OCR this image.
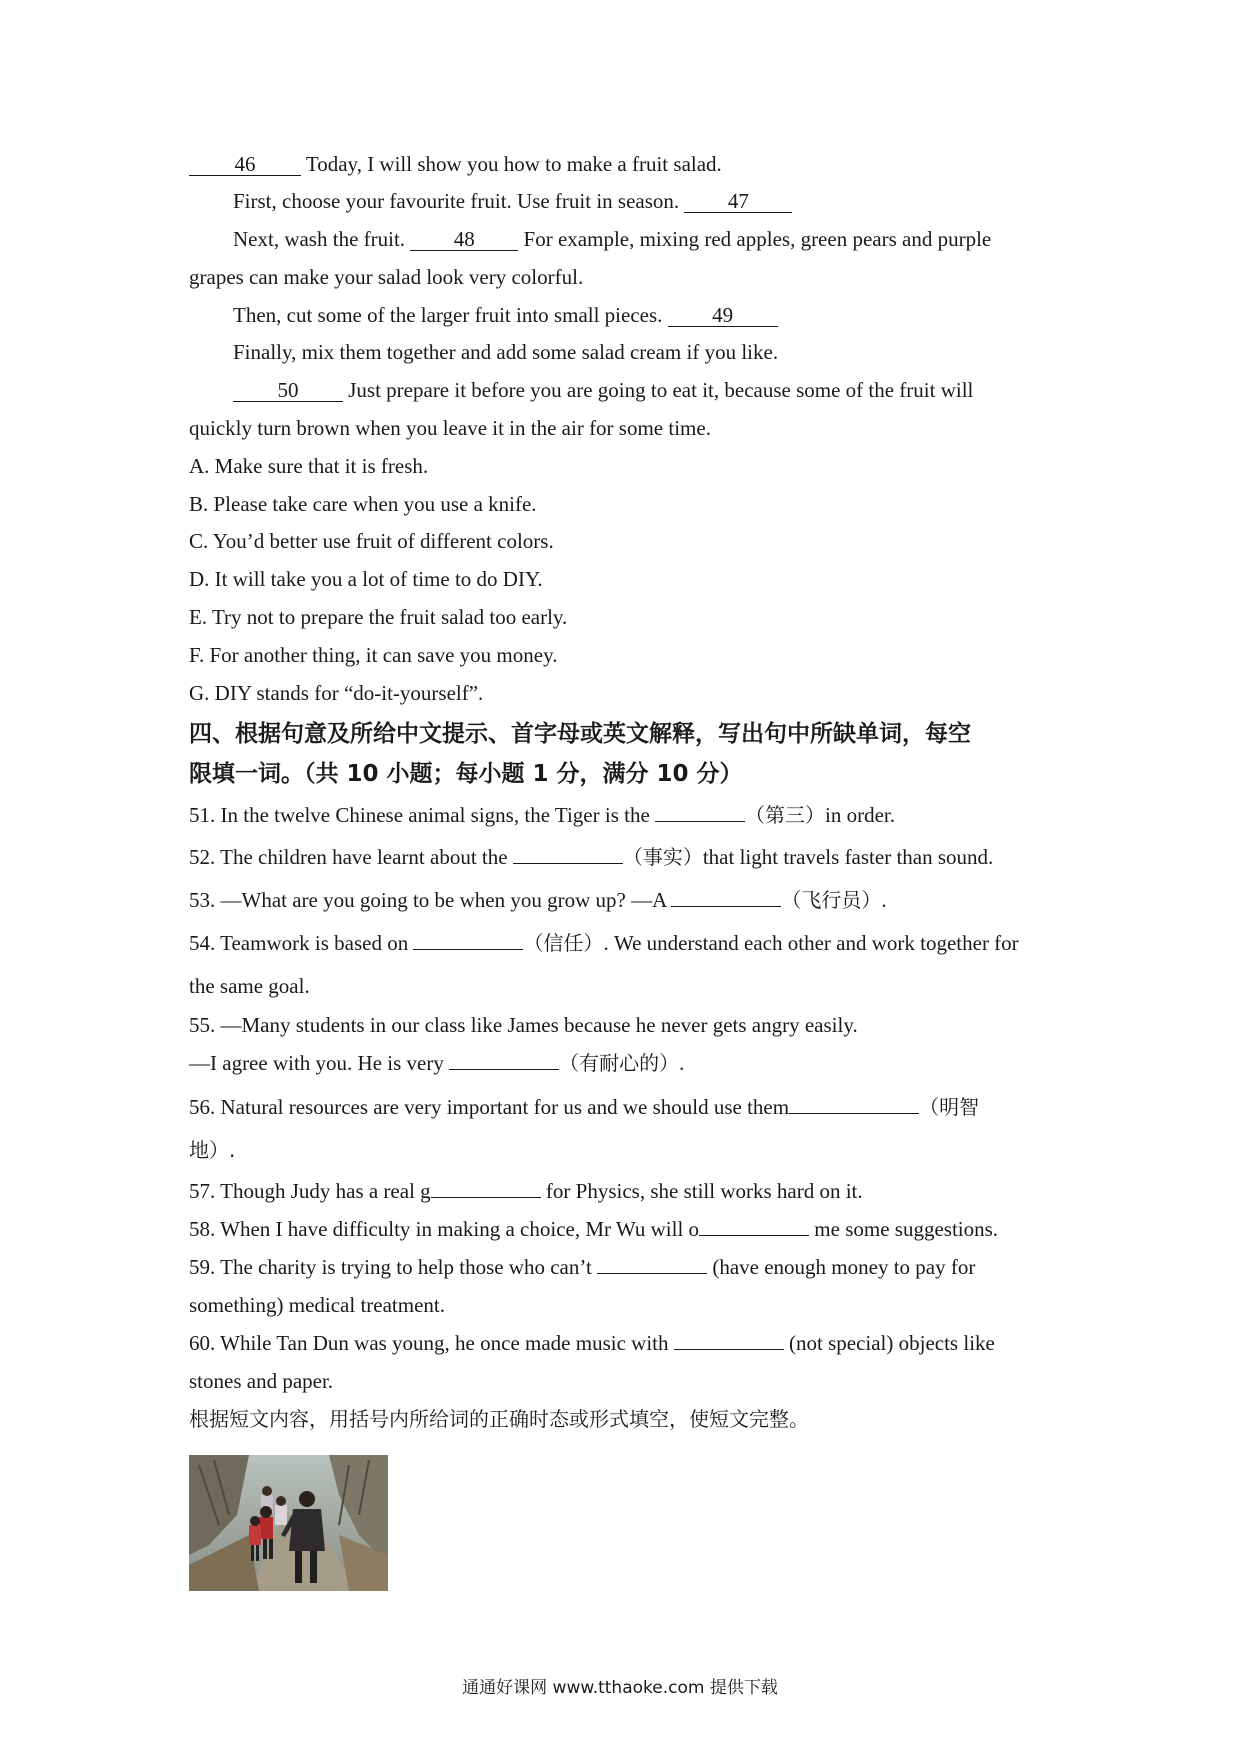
46 Today, I will show you how to make a fruit salad.
First, choose your favourite fruit. Use fruit in season. 47
Next, wash the fruit. 48 For example, mixing red apples, green pears and purple
grapes can make your salad look very colorful.
Then, cut some of the larger fruit into small pieces. 49
Finally, mix them together and add some salad cream if you like.
50 Just prepare it before you are going to eat it, because some of the fruit will
quickly turn brown when you leave it in the air for some time.
A. Make sure that it is fresh.
B. Please take care when you use a knife.
C. You’d better use fruit of different colors.
D. It will take you a lot of time to do DIY.
E. Try not to prepare the fruit salad too early.
F. For another thing, it can save you money.
G. DIY stands for “do-it-yourself”.
四、根据句意及所给中文提示、首字母或英文解释，写出句中所缺单词，每空
限填一词。（共 10 小题；每小题 1 分，满分 10 分）
51. In the twelve Chinese animal signs, the Tiger is the	（第三）in order.
52. The children have learnt about the	（事实）that light travels faster than sound.
53. —What are you going to be when you grow up? —A	（飞行员）.
54. Teamwork is based on	（信任）. We understand each other and work together for
the same goal.
55. —Many students in our class like James because he never gets angry easily.
—I agree with you. He is very	（有耐心的）.
56. Natural resources are very important for us and we should use them	（明智
地）.
57. Though Judy has a real g	for Physics, she still works hard on it.
58. When I have difficulty in making a choice, Mr Wu will o	me some suggestions.
59. The charity is trying to help those who can’t	(have enough money to pay for
something) medical treatment.
60. While Tan Dun was young, he once made music with	(not special) objects like
stones and paper.
根据短文内容，用括号内所给词的正确时态或形式填空，使短文完整。
通通好课网 www.tthaoke.com 提供下载
